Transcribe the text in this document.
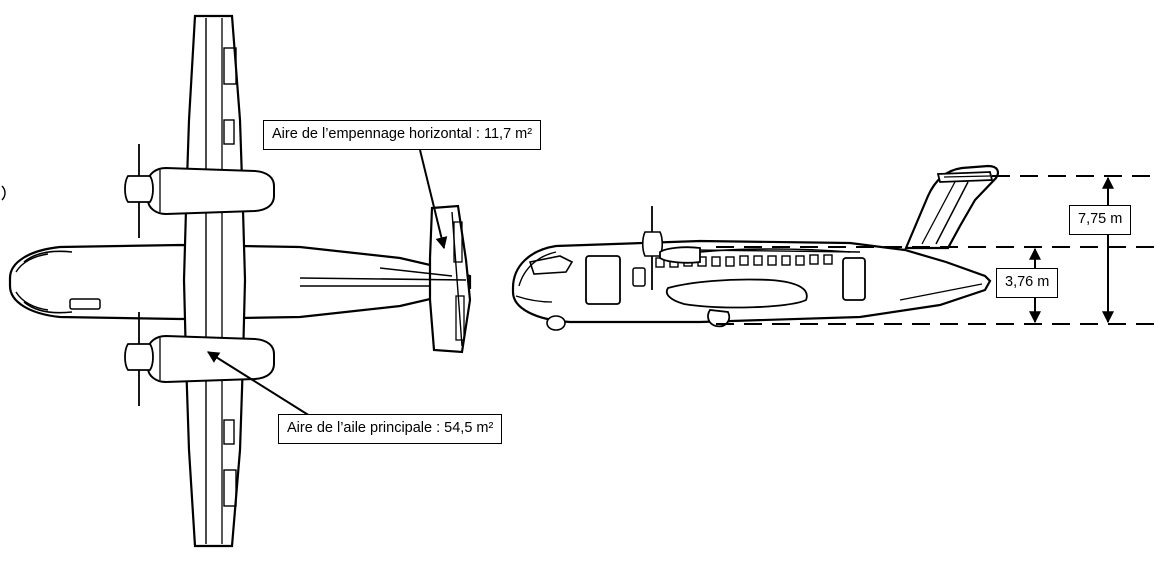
Aire de l’empennage horizontal : 11,7 m²
Aire de l’aile principale : 54,5 m²
7,75 m
3,76 m
